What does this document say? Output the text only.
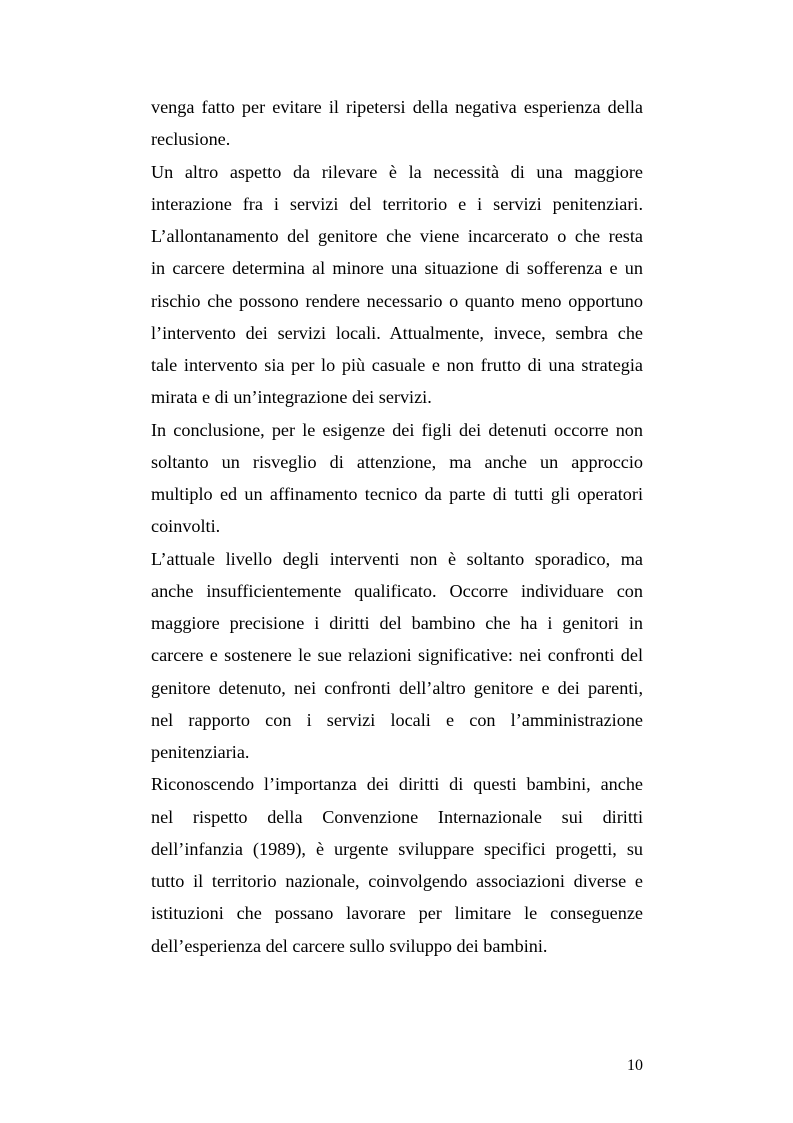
venga fatto per evitare il ripetersi della negativa esperienza della
reclusione.
Un altro aspetto da rilevare è la necessità di una maggiore
interazione fra i servizi del territorio e i servizi penitenziari.
L’allontanamento del genitore che viene incarcerato o che resta
in carcere determina al minore una situazione di sofferenza e un
rischio che possono rendere necessario o quanto meno opportuno
l’intervento dei servizi locali. Attualmente, invece, sembra che
tale intervento sia per lo più casuale e non frutto di una strategia
mirata e di un’integrazione dei servizi.
In conclusione, per le esigenze dei figli dei detenuti occorre non
soltanto un risveglio di attenzione, ma anche un approccio
multiplo ed un affinamento tecnico da parte di tutti gli operatori
coinvolti.
L’attuale livello degli interventi non è soltanto sporadico, ma
anche insufficientemente qualificato. Occorre individuare con
maggiore precisione i diritti del bambino che ha i genitori in
carcere e sostenere le sue relazioni significative: nei confronti del
genitore detenuto, nei confronti dell’altro genitore e dei parenti,
nel rapporto con i servizi locali e con l’amministrazione
penitenziaria.
Riconoscendo l’importanza dei diritti di questi bambini, anche
nel rispetto della Convenzione Internazionale sui diritti
dell’infanzia (1989), è urgente sviluppare specifici progetti, su
tutto il territorio nazionale, coinvolgendo associazioni diverse e
istituzioni che possano lavorare per limitare le conseguenze
dell’esperienza del carcere sullo sviluppo dei bambini.
10
